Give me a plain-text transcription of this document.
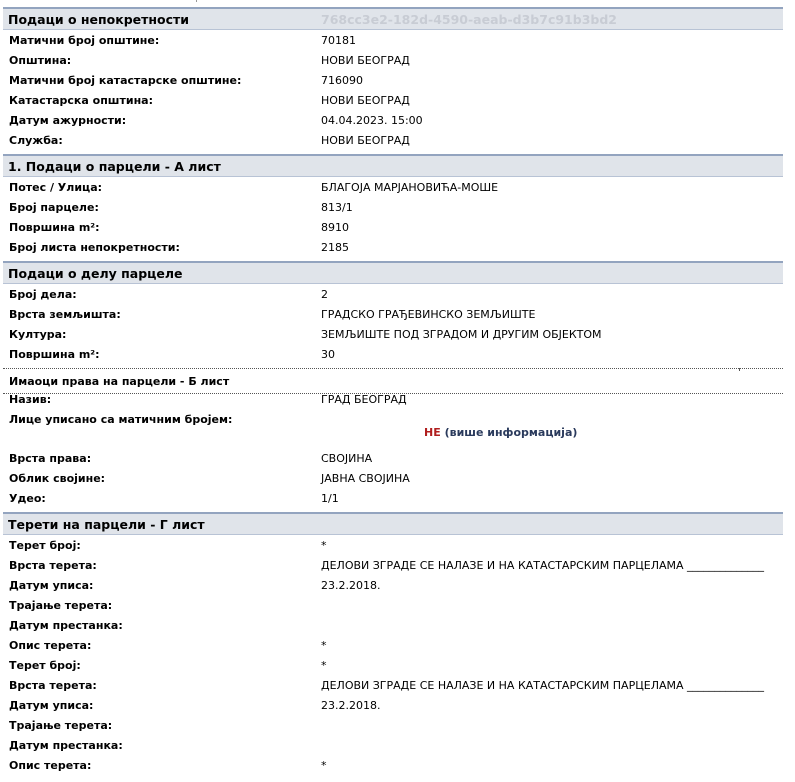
Подаци о непокретности	768cc3e2-182d-4590-aeab-d3b7c91b3bd2
Матични број општине:	70181
Општина:	НОВИ БЕОГРАД
Матични број катастарске општине:	716090
Катастарска општина:	НОВИ БЕОГРАД
Датум ажурности:	04.04.2023. 15:00
Служба:	НОВИ БЕОГРАД
1. Подаци о парцели - А лист
Потес / Улица:	БЛАГОЈА МАРЈАНОВИЋА-МОШЕ
Број парцеле:	813/1
Површина m²:	8910
Број листа непокретности:	2185
Подаци о делу парцеле
Број дела:	2
Врста земљишта:	ГРАДСКО ГРАЂЕВИНСКО ЗЕМЉИШТЕ
Култура:	ЗЕМЉИШТЕ ПОД ЗГРАДОМ И ДРУГИМ ОБЈЕКТОМ
Површина m²:	30
Имаоци права на парцели - Б лист
Назив:	ГРАД БЕОГРАД
Лице уписано са матичним бројем:
НЕ (више информација)
Врста права:	СВОЈИНА
Облик својине:	ЈАВНА СВОЈИНА
Удео:	1/1
Терети на парцели - Г лист
Терет број:	*
Врста терета:	ДЕЛОВИ ЗГРАДЕ СЕ НАЛАЗЕ И НА КАТАСТАРСКИМ ПАРЦЕЛАМА ______________
Датум уписа:	23.2.2018.
Трајање терета:
Датум престанка:
Опис терета:	*
Терет број:	*
Врста терета:	ДЕЛОВИ ЗГРАДЕ СЕ НАЛАЗЕ И НА КАТАСТАРСКИМ ПАРЦЕЛАМА ______________
Датум уписа:	23.2.2018.
Трајање терета:
Датум престанка:
Опис терета:	*
